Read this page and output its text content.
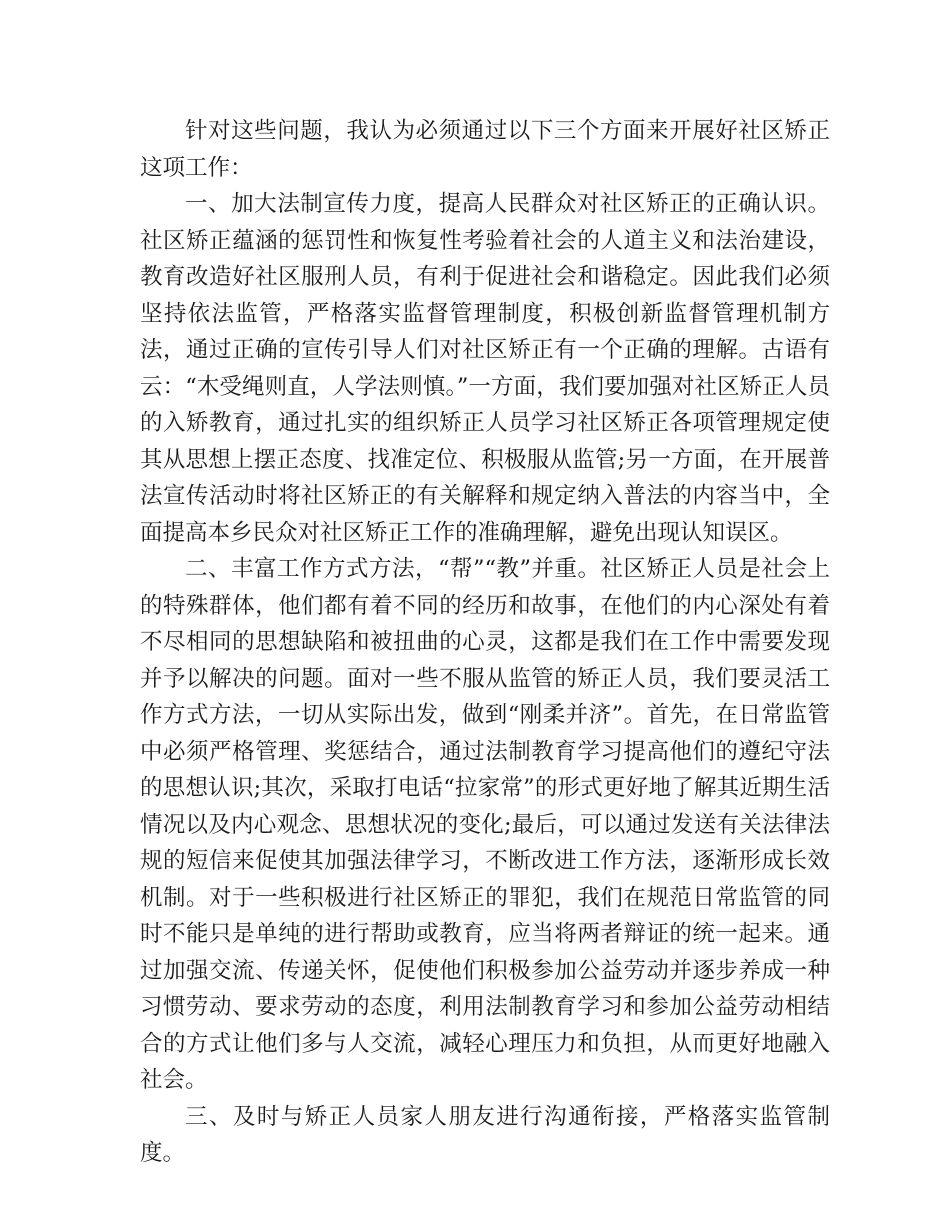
针对这些问题，我认为必须通过以下三个方面来开展好社区矫正这项工作：

一、加大法制宣传力度，提高人民群众对社区矫正的正确认识。社区矫正蕴涵的惩罚性和恢复性考验着社会的人道主义和法治建设，教育改造好社区服刑人员，有利于促进社会和谐稳定。因此我们必须坚持依法监管，严格落实监督管理制度，积极创新监督管理机制方法，通过正确的宣传引导人们对社区矫正有一个正确的理解。古语有云：“木受绳则直，人学法则慎。”一方面，我们要加强对社区矫正人员的入矫教育，通过扎实的组织矫正人员学习社区矫正各项管理规定使其从思想上摆正态度、找准定位、积极服从监管;另一方面，在开展普法宣传活动时将社区矫正的有关解释和规定纳入普法的内容当中，全面提高本乡民众对社区矫正工作的准确理解，避免出现认知误区。

二、丰富工作方式方法，“帮”“教”并重。社区矫正人员是社会上的特殊群体，他们都有着不同的经历和故事，在他们的内心深处有着不尽相同的思想缺陷和被扭曲的心灵，这都是我们在工作中需要发现并予以解决的问题。面对一些不服从监管的矫正人员，我们要灵活工作方式方法，一切从实际出发，做到“刚柔并济”。首先，在日常监管中必须严格管理、奖惩结合，通过法制教育学习提高他们的遵纪守法的思想认识;其次，采取打电话“拉家常”的形式更好地了解其近期生活情况以及内心观念、思想状况的变化;最后，可以通过发送有关法律法规的短信来促使其加强法律学习，不断改进工作方法，逐渐形成长效机制。对于一些积极进行社区矫正的罪犯，我们在规范日常监管的同时不能只是单纯的进行帮助或教育，应当将两者辩证的统一起来。通过加强交流、传递关怀，促使他们积极参加公益劳动并逐步养成一种习惯劳动、要求劳动的态度，利用法制教育学习和参加公益劳动相结合的方式让他们多与人交流，减轻心理压力和负担，从而更好地融入社会。

三、及时与矫正人员家人朋友进行沟通衔接，严格落实监管制度。
